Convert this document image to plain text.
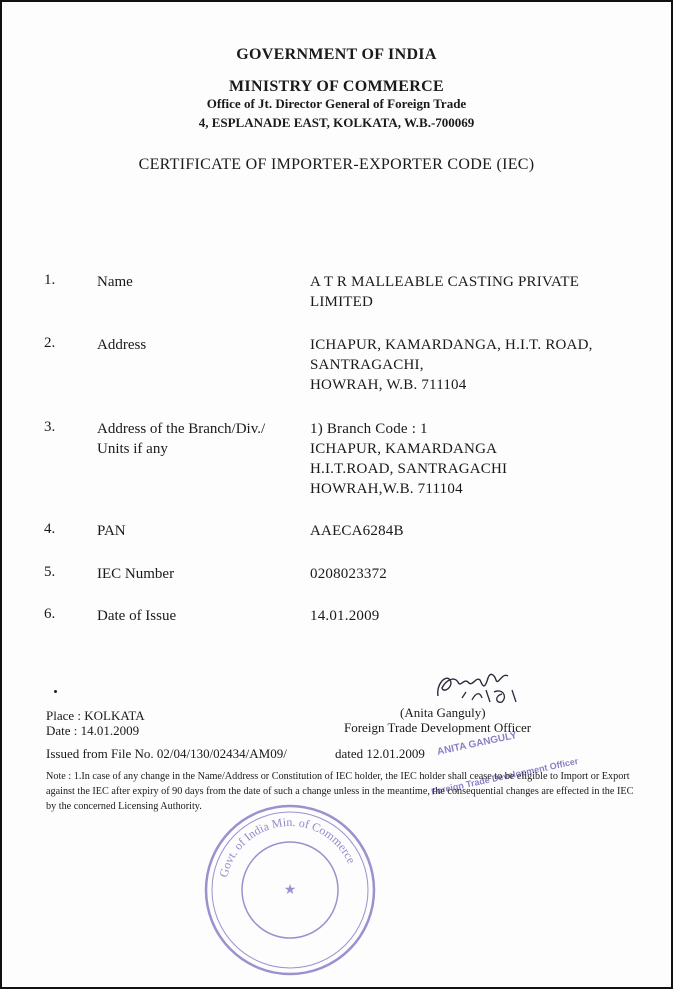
GOVERNMENT OF INDIA
MINISTRY OF COMMERCE
Office of Jt. Director General of Foreign Trade
4, ESPLANADE EAST, KOLKATA, W.B.-700069
CERTIFICATE OF IMPORTER-EXPORTER CODE (IEC)
1.	Name	A T R MALLEABLE CASTING PRIVATE
LIMITED
2.	Address	ICHAPUR, KAMARDANGA, H.I.T. ROAD,
SANTRAGACHI,
HOWRAH, W.B. 711104
3.	Address of the Branch/Div./
Units if any
1) Branch Code : 1
ICHAPUR, KAMARDANGA
H.I.T.ROAD, SANTRAGACHI
HOWRAH,W.B. 711104
4.	PAN	AAECA6284B
5.	IEC Number	0208023372
6.	Date of Issue	14.01.2009
ANITA GANGULY
Foreign Trade Development Officer
Place : KOLKATA
Date : 14.01.2009
(Anita Ganguly)
Foreign Trade Development Officer
Issued from File No. 02/04/130/02434/AM09/	dated 12.01.2009
Note : 1.In case of any change in the Name/Address or Constitution of IEC holder, the IEC holder shall cease to be eligible to Import or Export against the IEC after expiry of 90 days from the date of such a change unless in the meantime, the consequential changes are effected in the IEC by the concerned Licensing Authority.
Govt. of India Min. of Commerce
★
